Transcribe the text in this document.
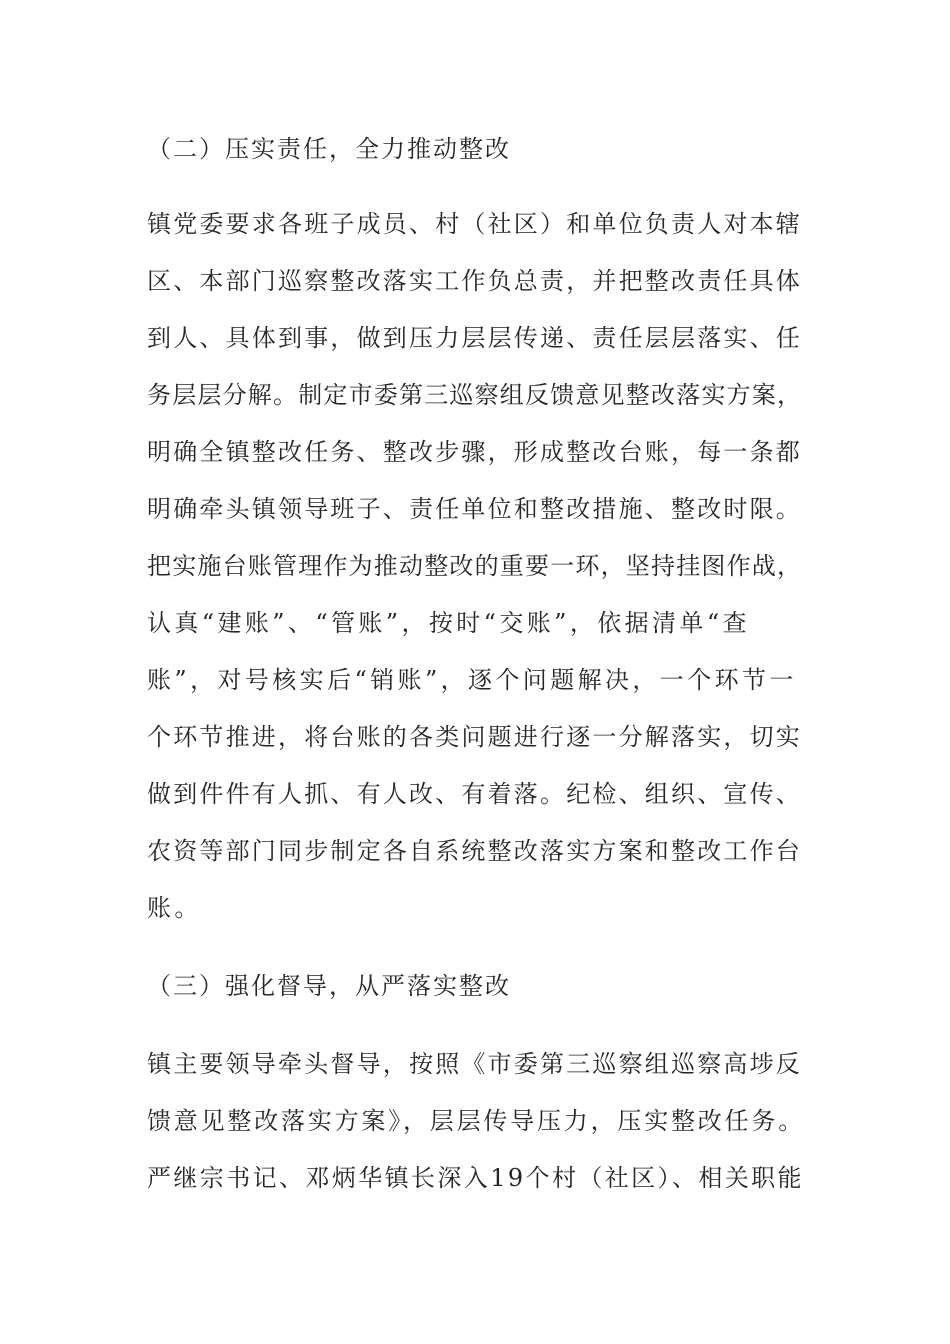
（二）压实责任，全力推动整改
镇党委要求各班子成员、村（社区）和单位负责人对本辖
区、本部门巡察整改落实工作负总责，并把整改责任具体
到人、具体到事，做到压力层层传递、责任层层落实、任
务层层分解。制定市委第三巡察组反馈意见整改落实方案，
明确全镇整改任务、整改步骤，形成整改台账，每一条都
明确牵头镇领导班子、责任单位和整改措施、整改时限。
把实施台账管理作为推动整改的重要一环，坚持挂图作战，
认真“建账”、“管账”，按时“交账”，依据清单“查
账”，对号核实后“销账”，逐个问题解决，一个环节一
个环节推进，将台账的各类问题进行逐一分解落实，切实
做到件件有人抓、有人改、有着落。纪检、组织、宣传、
农资等部门同步制定各自系统整改落实方案和整改工作台
账。
（三）强化督导，从严落实整改
镇主要领导牵头督导，按照《市委第三巡察组巡察高埗反
馈意见整改落实方案》，层层传导压力，压实整改任务。
严继宗书记、邓炳华镇长深入19个村（社区）、相关职能
